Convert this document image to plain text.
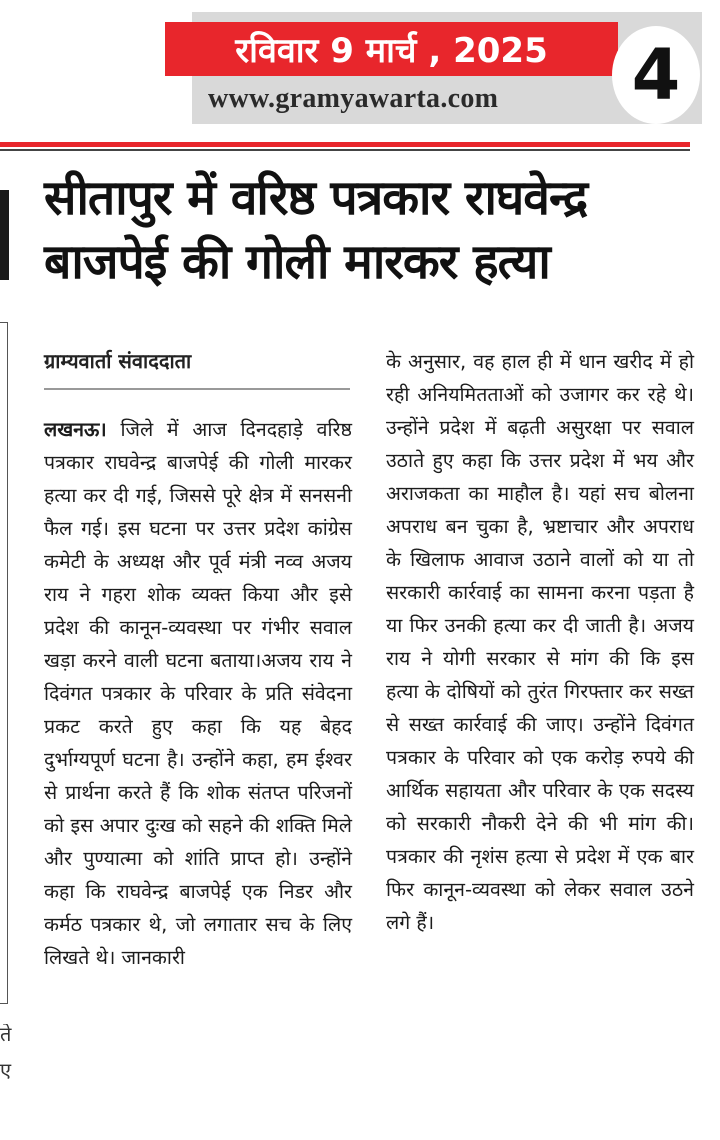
रविवार 9 मार्च , 2025
www.gramyawarta.com	4
ते
ए
सीतापुर में वरिष्ठ पत्रकार राघवेन्द्र बाजपेई की गोली मारकर हत्या
ग्राम्यवार्ता संवाददाता

लखनऊ। जिले में आज दिनदहाड़े वरिष्ठ पत्रकार राघवेन्द्र बाजपेई की गोली मारकर हत्या कर दी गई, जिससे पूरे क्षेत्र में सनसनी फैल गई। इस घटना पर उत्तर प्रदेश कांग्रेस कमेटी के अध्यक्ष और पूर्व मंत्री नव्व अजय राय ने गहरा शोक व्यक्त किया और इसे प्रदेश की कानून-व्यवस्था पर गंभीर सवाल खड़ा करने वाली घटना बताया।अजय राय ने दिवंगत पत्रकार के परिवार के प्रति संवेदना प्रकट करते हुए कहा कि यह बेहद दुर्भाग्यपूर्ण घटना है। उन्होंने कहा, हम ईश्वर से प्रार्थना करते हैं कि शोक संतप्त परिजनों को इस अपार दुःख को सहने की शक्ति मिले और पुण्यात्मा को शांति प्राप्त हो। उन्होंने कहा कि राघवेन्द्र बाजपेई एक निडर और कर्मठ पत्रकार थे, जो लगातार सच के लिए लिखते थे। जानकारी

के अनुसार, वह हाल ही में धान खरीद में हो रही अनियमितताओं को उजागर कर रहे थे। उन्होंने प्रदेश में बढ़ती असुरक्षा पर सवाल उठाते हुए कहा कि उत्तर प्रदेश में भय और अराजकता का माहौल है। यहां सच बोलना अपराध बन चुका है, भ्रष्टाचार और अपराध के खिलाफ आवाज उठाने वालों को या तो सरकारी कार्रवाई का सामना करना पड़ता है या फिर उनकी हत्या कर दी जाती है। अजय राय ने योगी सरकार से मांग की कि इस हत्या के दोषियों को तुरंत गिरफ्तार कर सख्त से सख्त कार्रवाई की जाए। उन्होंने दिवंगत पत्रकार के परिवार को एक करोड़ रुपये की आर्थिक सहायता और परिवार के एक सदस्य को सरकारी नौकरी देने की भी मांग की।पत्रकार की नृशंस हत्या से प्रदेश में एक बार फिर कानून-व्यवस्था को लेकर सवाल उठने लगे हैं।
